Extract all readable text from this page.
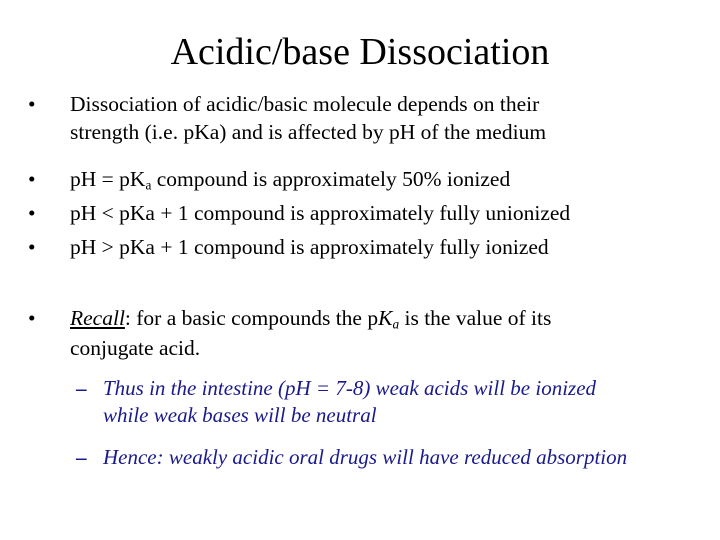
Acidic/base Dissociation
• Dissociation of acidic/basic molecule depends on their
strength (i.e. pKa) and is affected by pH of the medium
• pH = $pK_a$ compound is approximately 50% ionized
• pH < pKa + 1 compound is approximately fully unionized
• pH > pKa + 1 compound is approximately fully ionized
• Recall: for a basic compounds the $pK_a$ is the value of its
conjugate acid.
– Thus in the intestine (pH = 7-8) weak acids will be ionized
while weak bases will be neutral
– Hence: weakly acidic oral drugs will have reduced absorption
